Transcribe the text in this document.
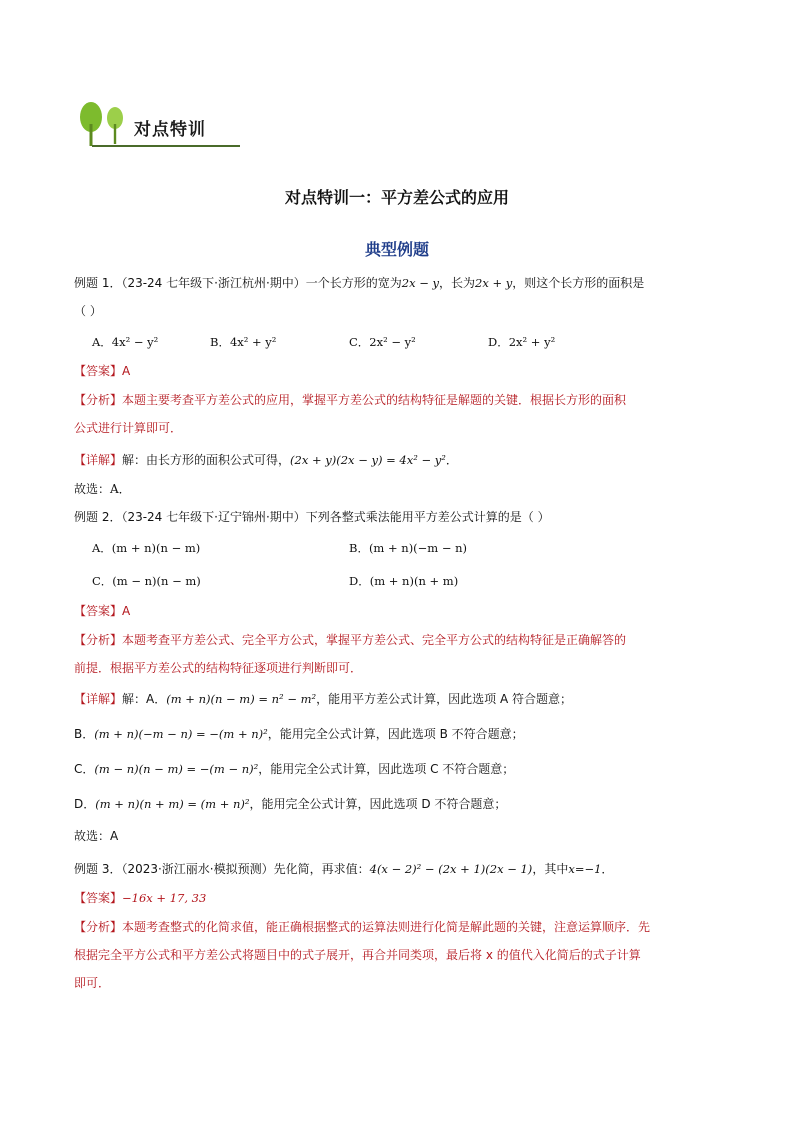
对点特训
对点特训一：平方差公式的应用
典型例题
例题 1．（23-24 七年级下·浙江杭州·期中）一个长方形的宽为2x − y，长为2x + y，则这个长方形的面积是
（ ）
A．4x² − y²	B．4x² + y²	C．2x² − y²	D．2x² + y²
【答案】A
【分析】本题主要考查平方差公式的应用，掌握平方差公式的结构特征是解题的关键．根据长方形的面积
公式进行计算即可．
【详解】解：由长方形的面积公式可得，(2x + y)(2x − y) = 4x² − y²．
故选：A．
例题 2．（23-24 七年级下·辽宁锦州·期中）下列各整式乘法能用平方差公式计算的是（ ）
A．(m + n)(n − m)	B．(m + n)(−m − n)
C．(m − n)(n − m)	D．(m + n)(n + m)
【答案】A
【分析】本题考查平方差公式、完全平方公式，掌握平方差公式、完全平方公式的结构特征是正确解答的
前提．根据平方差公式的结构特征逐项进行判断即可．
【详解】解：A．(m + n)(n − m) = n² − m²，能用平方差公式计算，因此选项 A 符合题意；
B．(m + n)(−m − n) = −(m + n)²，能用完全公式计算，因此选项 B 不符合题意；
C．(m − n)(n − m) = −(m − n)²，能用完全公式计算，因此选项 C 不符合题意；
D．(m + n)(n + m) = (m + n)²，能用完全公式计算，因此选项 D 不符合题意；
故选：A
例题 3．（2023·浙江丽水·模拟预测）先化简，再求值：4(x − 2)² − (2x + 1)(2x − 1)，其中x=−1．
【答案】−16x + 17, 33
【分析】本题考查整式的化简求值，能正确根据整式的运算法则进行化简是解此题的关键，注意运算顺序．先
根据完全平方公式和平方差公式将题目中的式子展开，再合并同类项，最后将 x 的值代入化简后的式子计算
即可．
